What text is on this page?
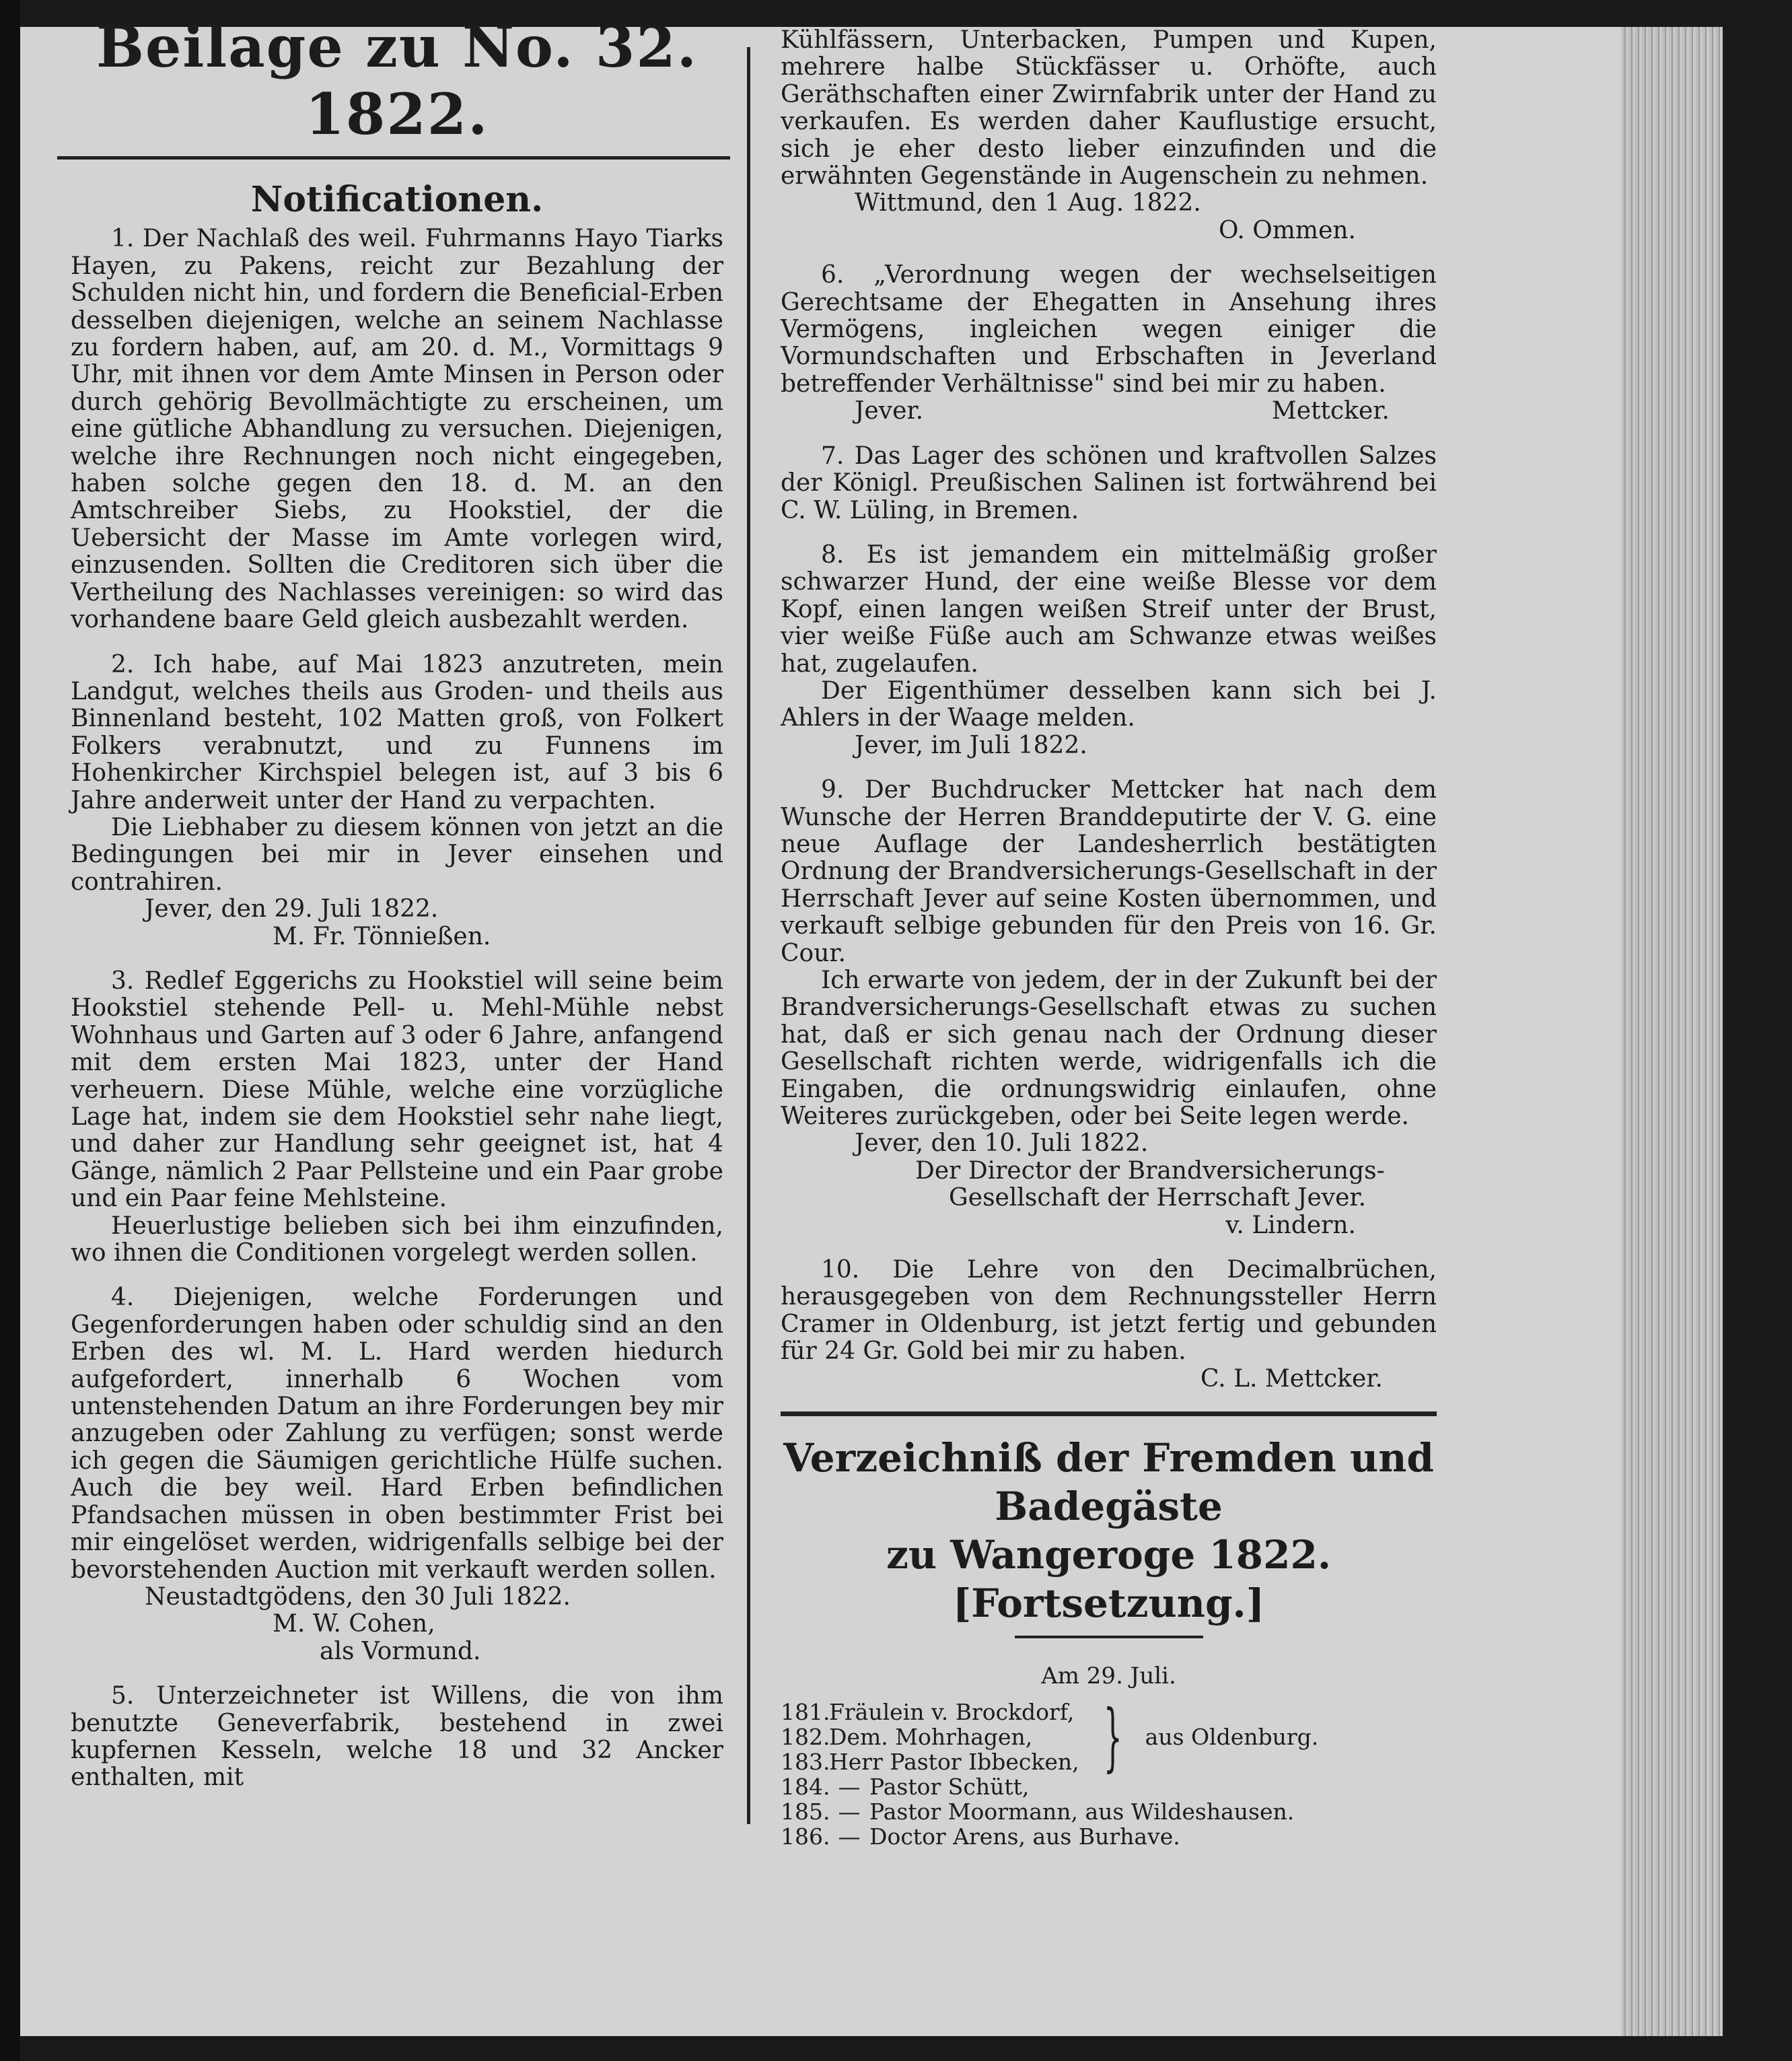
Beilage zu No. 32. 1822.
Notificationen.

1. Der Nachlaß des weil. Fuhrmanns Hayo Tiarks Hayen, zu Pakens, reicht zur Bezahlung der Schulden nicht hin, und fordern die Beneficial-Erben desselben diejenigen, welche an seinem Nachlasse zu fordern haben, auf, am 20. d. M., Vormittags 9 Uhr, mit ihnen vor dem Amte Minsen in Person oder durch gehörig Bevollmächtigte zu erscheinen, um eine gütliche Abhandlung zu versuchen. Diejenigen, welche ihre Rechnungen noch nicht eingegeben, haben solche gegen den 18. d. M. an den Amtschreiber Siebs, zu Hookstiel, der die Uebersicht der Masse im Amte vorlegen wird, einzusenden. Sollten die Creditoren sich über die Vertheilung des Nachlasses vereinigen: so wird das vorhandene baare Geld gleich ausbezahlt werden.

2. Ich habe, auf Mai 1823 anzutreten, mein Landgut, welches theils aus Groden- und theils aus Binnenland besteht, 102 Matten groß, von Folkert Folkers verabnutzt, und zu Funnens im Hohenkircher Kirchspiel belegen ist, auf 3 bis 6 Jahre anderweit unter der Hand zu verpachten.

Die Liebhaber zu diesem können von jetzt an die Bedingungen bei mir in Jever einsehen und contrahiren.

Jever, den 29. Juli 1822.

M. Fr. Tönnießen.

3. Redlef Eggerichs zu Hookstiel will seine beim Hookstiel stehende Pell- u. Mehl-Mühle nebst Wohnhaus und Garten auf 3 oder 6 Jahre, anfangend mit dem ersten Mai 1823, unter der Hand verheuern. Diese Mühle, welche eine vorzügliche Lage hat, indem sie dem Hookstiel sehr nahe liegt, und daher zur Handlung sehr geeignet ist, hat 4 Gänge, nämlich 2 Paar Pellsteine und ein Paar grobe und ein Paar feine Mehlsteine.

Heuerlustige belieben sich bei ihm einzufinden, wo ihnen die Conditionen vorgelegt werden sollen.

4. Diejenigen, welche Forderungen und Gegenforderungen haben oder schuldig sind an den Erben des wl. M. L. Hard werden hiedurch aufgefordert, innerhalb 6 Wochen vom untenstehenden Datum an ihre Forderungen bey mir anzugeben oder Zahlung zu verfügen; sonst werde ich gegen die Säumigen gerichtliche Hülfe suchen. Auch die bey weil. Hard Erben befindlichen Pfandsachen müssen in oben bestimmter Frist bei mir eingelöset werden, widrigenfalls selbige bei der bevorstehenden Auction mit verkauft werden sollen.

Neustadtgödens, den 30 Juli 1822.

M. W. Cohen,

als Vormund.

5. Unterzeichneter ist Willens, die von ihm benutzte Geneverfabrik, bestehend in zwei kupfernen Kesseln, welche 18 und 32 Ancker enthalten, mit

Kühlfässern, Unterbacken, Pumpen und Kupen, mehrere halbe Stückfässer u. Orhöfte, auch Geräthschaften einer Zwirnfabrik unter der Hand zu verkaufen. Es werden daher Kauflustige ersucht, sich je eher desto lieber einzufinden und die erwähnten Gegenstände in Augenschein zu nehmen.

Wittmund, den 1 Aug. 1822.

O. Ommen.

6. „Verordnung wegen der wechselseitigen Gerechtsame der Ehegatten in Ansehung ihres Vermögens, ingleichen wegen einiger die Vormundschaften und Erbschaften in Jeverland betreffender Verhältnisse" sind bei mir zu haben.

Jever.	Mettcker.

7. Das Lager des schönen und kraftvollen Salzes der Königl. Preußischen Salinen ist fortwährend bei C. W. Lüling, in Bremen.

8. Es ist jemandem ein mittelmäßig großer schwarzer Hund, der eine weiße Blesse vor dem Kopf, einen langen weißen Streif unter der Brust, vier weiße Füße auch am Schwanze etwas weißes hat, zugelaufen.

Der Eigenthümer desselben kann sich bei J. Ahlers in der Waage melden.

Jever, im Juli 1822.

9. Der Buchdrucker Mettcker hat nach dem Wunsche der Herren Branddeputirte der V. G. eine neue Auflage der Landesherrlich bestätigten Ordnung der Brandversicherungs-Gesellschaft in der Herrschaft Jever auf seine Kosten übernommen, und verkauft selbige gebunden für den Preis von 16. Gr. Cour.

Ich erwarte von jedem, der in der Zukunft bei der Brandversicherungs-Gesellschaft etwas zu suchen hat, daß er sich genau nach der Ordnung dieser Gesellschaft richten werde, widrigenfalls ich die Eingaben, die ordnungswidrig einlaufen, ohne Weiteres zurückgeben, oder bei Seite legen werde.

Jever, den 10. Juli 1822.

Der Director der Brandversicherungs-

Gesellschaft der Herrschaft Jever.

v. Lindern.

10. Die Lehre von den Decimalbrüchen, herausgegeben von dem Rechnungssteller Herrn Cramer in Oldenburg, ist jetzt fertig und gebunden für 24 Gr. Gold bei mir zu haben.

C. L. Mettcker.

Verzeichniß der Fremden und Badegäste
zu Wangeroge 1822. [Fortsetzung.]
Am 29. Juli.
181.
Fräulein v. Brockdorf,
182.
Dem. Mohrhagen,
183.
Herr Pastor Ibbecken, } aus Oldenburg.
184. — Pastor Schütt,
185. — Pastor Moormann, aus Wildeshausen.
186. — Doctor Arens, aus Burhave.
